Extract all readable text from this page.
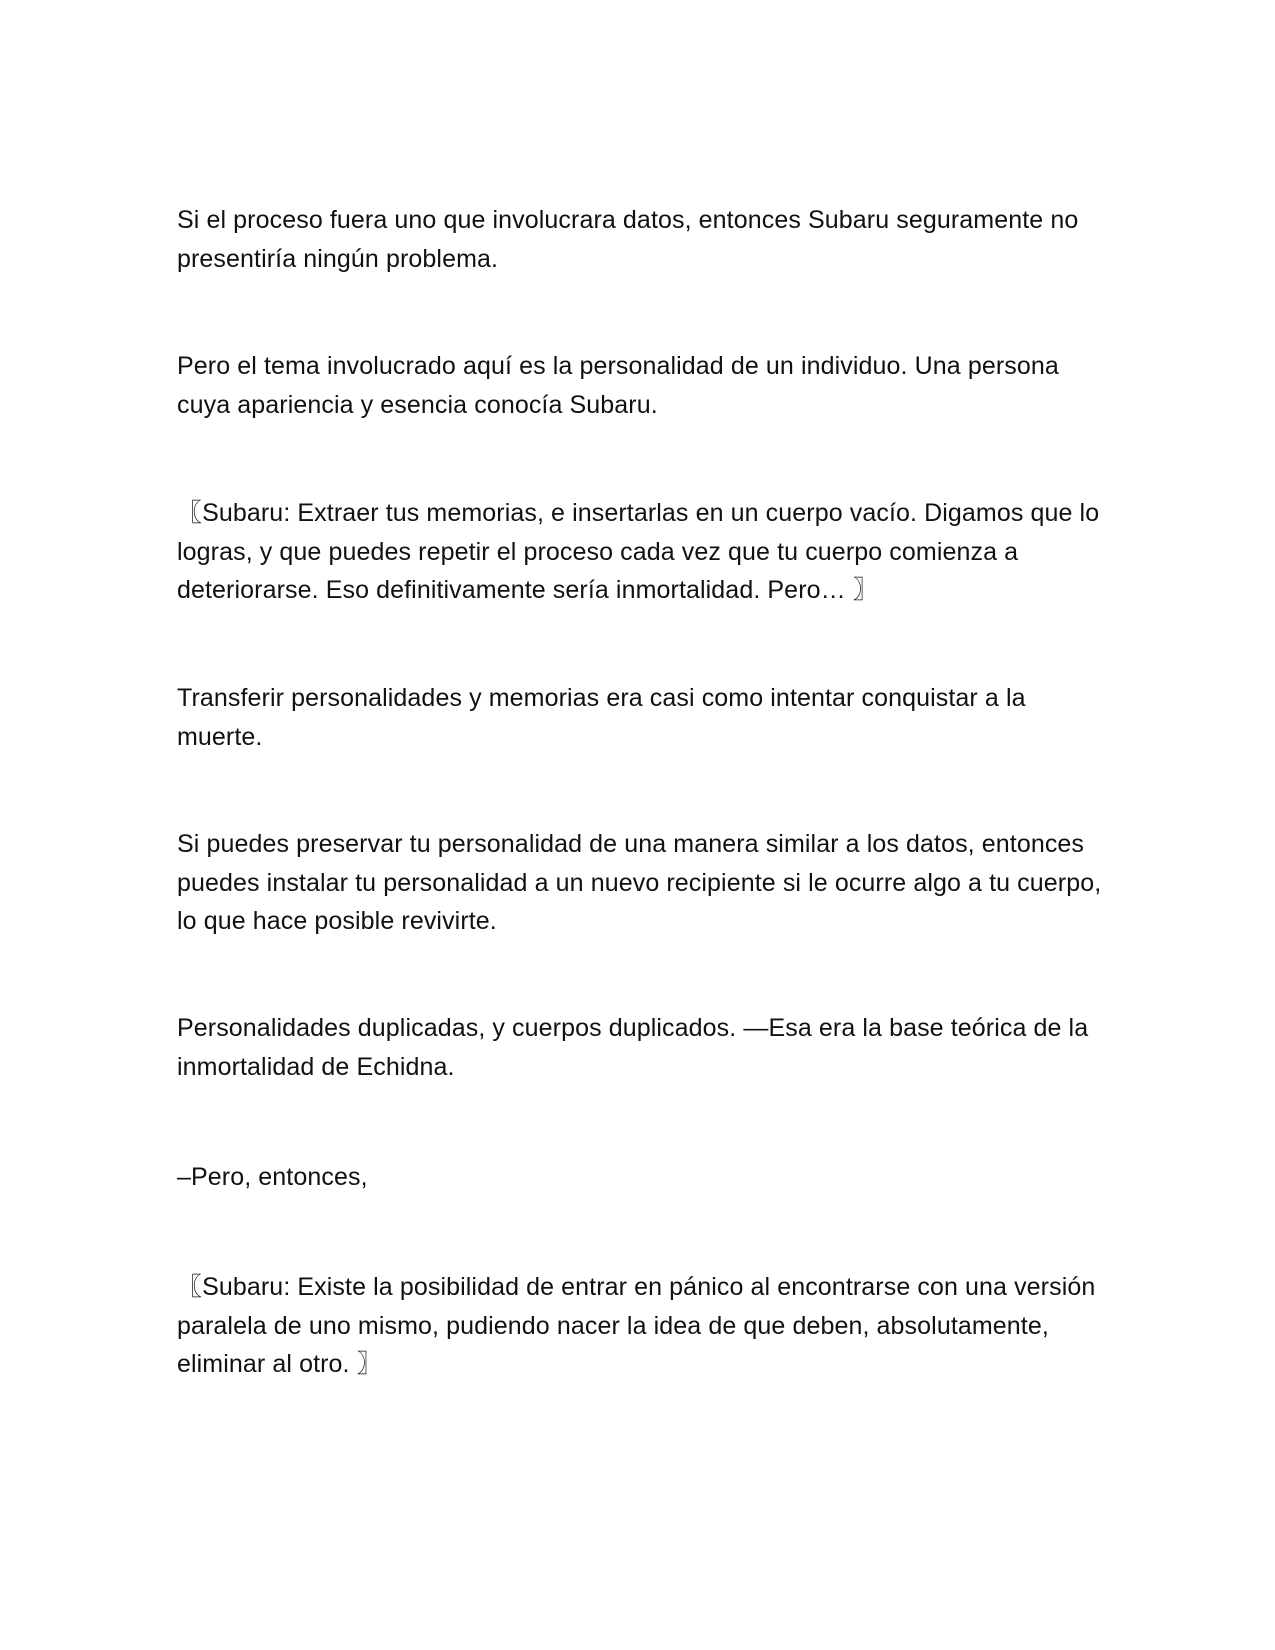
Si el proceso fuera uno que involucrara datos, entonces Subaru seguramente no presentiría ningún problema.

Pero el tema involucrado aquí es la personalidad de un individuo. Una persona cuya apariencia y esencia conocía Subaru.

〖Subaru: Extraer tus memorias, e insertarlas en un cuerpo vacío. Digamos que lo logras, y que puedes repetir el proceso cada vez que tu cuerpo comienza a deteriorarse. Eso definitivamente sería inmortalidad. Pero… 〗

Transferir personalidades y memorias era casi como intentar conquistar a la muerte.

Si puedes preservar tu personalidad de una manera similar a los datos, entonces puedes instalar tu personalidad a un nuevo recipiente si le ocurre algo a tu cuerpo, lo que hace posible revivirte.

Personalidades duplicadas, y cuerpos duplicados. —Esa era la base teórica de la inmortalidad de Echidna.

–Pero, entonces,

〖Subaru: Existe la posibilidad de entrar en pánico al encontrarse con una versión paralela de uno mismo, pudiendo nacer la idea de que deben, absolutamente, eliminar al otro. 〗
